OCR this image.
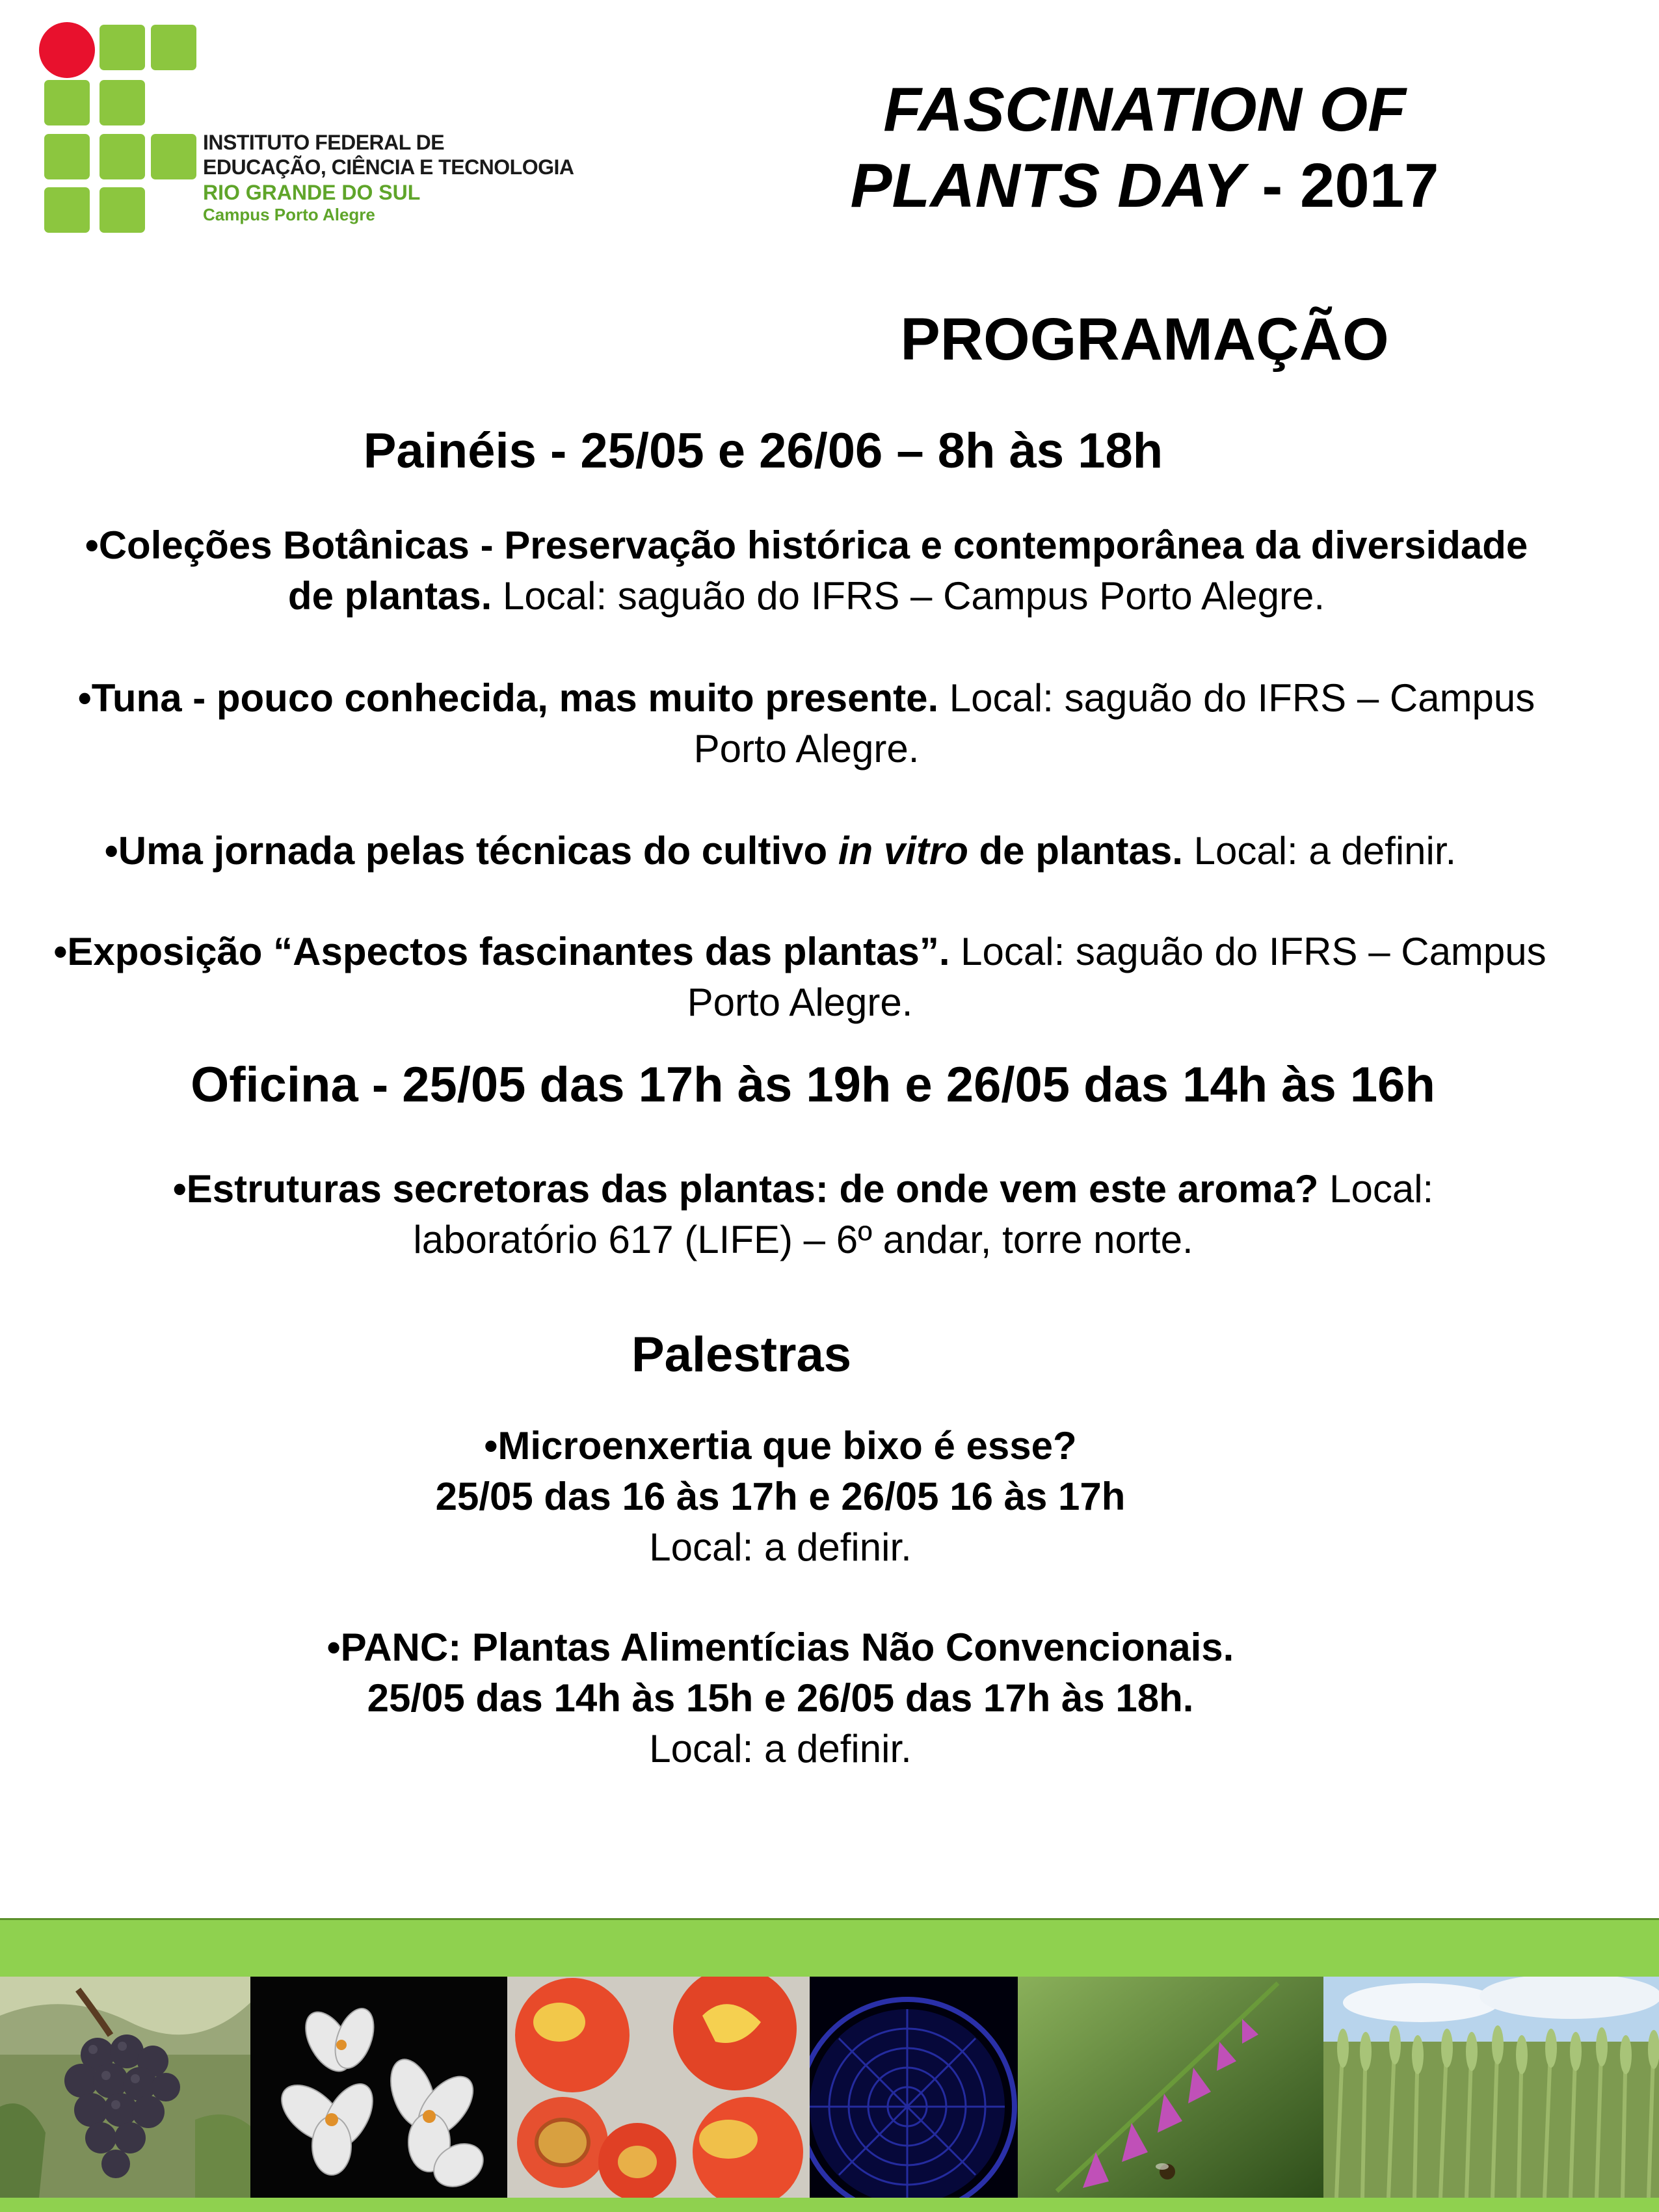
INSTITUTO FEDERAL DE
EDUCAÇÃO, CIÊNCIA E TECNOLOGIA
RIO GRANDE DO SUL
Campus Porto Alegre
FASCINATION OF
PLANTS DAY - 2017
PROGRAMAÇÃO
Painéis - 25/05 e 26/06 – 8h às 18h
•Coleções Botânicas - Preservação histórica e contemporânea da diversidade de plantas. Local: saguão do IFRS – Campus Porto Alegre.
•Tuna - pouco conhecida, mas muito presente. Local: saguão do IFRS – Campus Porto Alegre.
•Uma jornada pelas técnicas do cultivo in vitro de plantas. Local: a definir.
•Exposição “Aspectos fascinantes das plantas”. Local: saguão do IFRS – Campus Porto Alegre.
Oficina - 25/05 das 17h às 19h e 26/05 das 14h às 16h
•Estruturas secretoras das plantas: de onde vem este aroma? Local: laboratório 617 (LIFE) – 6º andar, torre norte.
Palestras
•Microenxertia que bixo é esse?
25/05 das 16 às 17h e 26/05 16 às 17h
Local: a definir.
•PANC: Plantas Alimentícias Não Convencionais.
25/05 das 14h às 15h e 26/05 das 17h às 18h.
Local: a definir.
